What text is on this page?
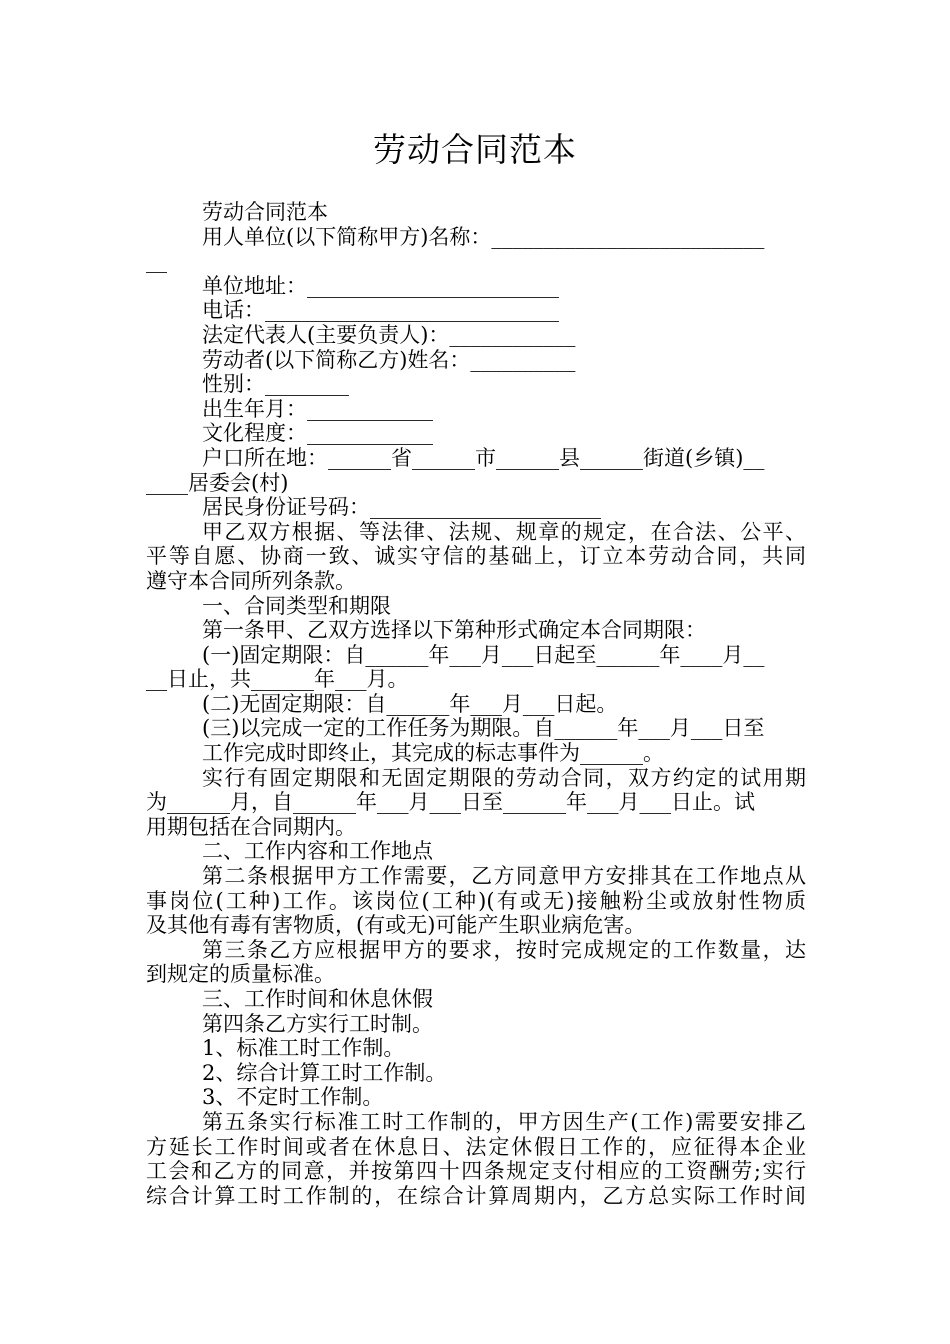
劳动合同范本
劳动合同范本
用人单位(以下简称甲方)名称：__________________________
__
单位地址：________________________
电话：____________________________
法定代表人(主要负责人)：____________
劳动者(以下简称乙方)姓名：__________
性别：________
出生年月：____________
文化程度：____________
户口所在地：______省______市______县______街道(乡镇)__
____居委会(村)
居民身份证号码：______________________
甲乙双方根据、等法律、法规、规章的规定，在合法、公平、
平等自愿、协商一致、诚实守信的基础上，订立本劳动合同，共同
遵守本合同所列条款。
一、合同类型和期限
第一条甲、乙双方选择以下第种形式确定本合同期限：
(一)固定期限：自______年___月___日起至______年____月__
__日止，共______年___月。
(二)无固定期限：自______年___月___日起。
(三)以完成一定的工作任务为期限。自______年___月___日至
工作完成时即终止，其完成的标志事件为______。
实行有固定期限和无固定期限的劳动合同，双方约定的试用期
为______月，自______年___月___日至______年___月___日止。试
用期包括在合同期内。
二、工作内容和工作地点
第二条根据甲方工作需要，乙方同意甲方安排其在工作地点从
事岗位(工种)工作。该岗位(工种)(有或无)接触粉尘或放射性物质
及其他有毒有害物质，(有或无)可能产生职业病危害。
第三条乙方应根据甲方的要求，按时完成规定的工作数量，达
到规定的质量标准。
三、工作时间和休息休假
第四条乙方实行工时制。
1、标准工时工作制。
2、综合计算工时工作制。
3、不定时工作制。
第五条实行标准工时工作制的，甲方因生产(工作)需要安排乙
方延长工作时间或者在休息日、法定休假日工作的，应征得本企业
工会和乙方的同意，并按第四十四条规定支付相应的工资酬劳;实行
综合计算工时工作制的，在综合计算周期内，乙方总实际工作时间
